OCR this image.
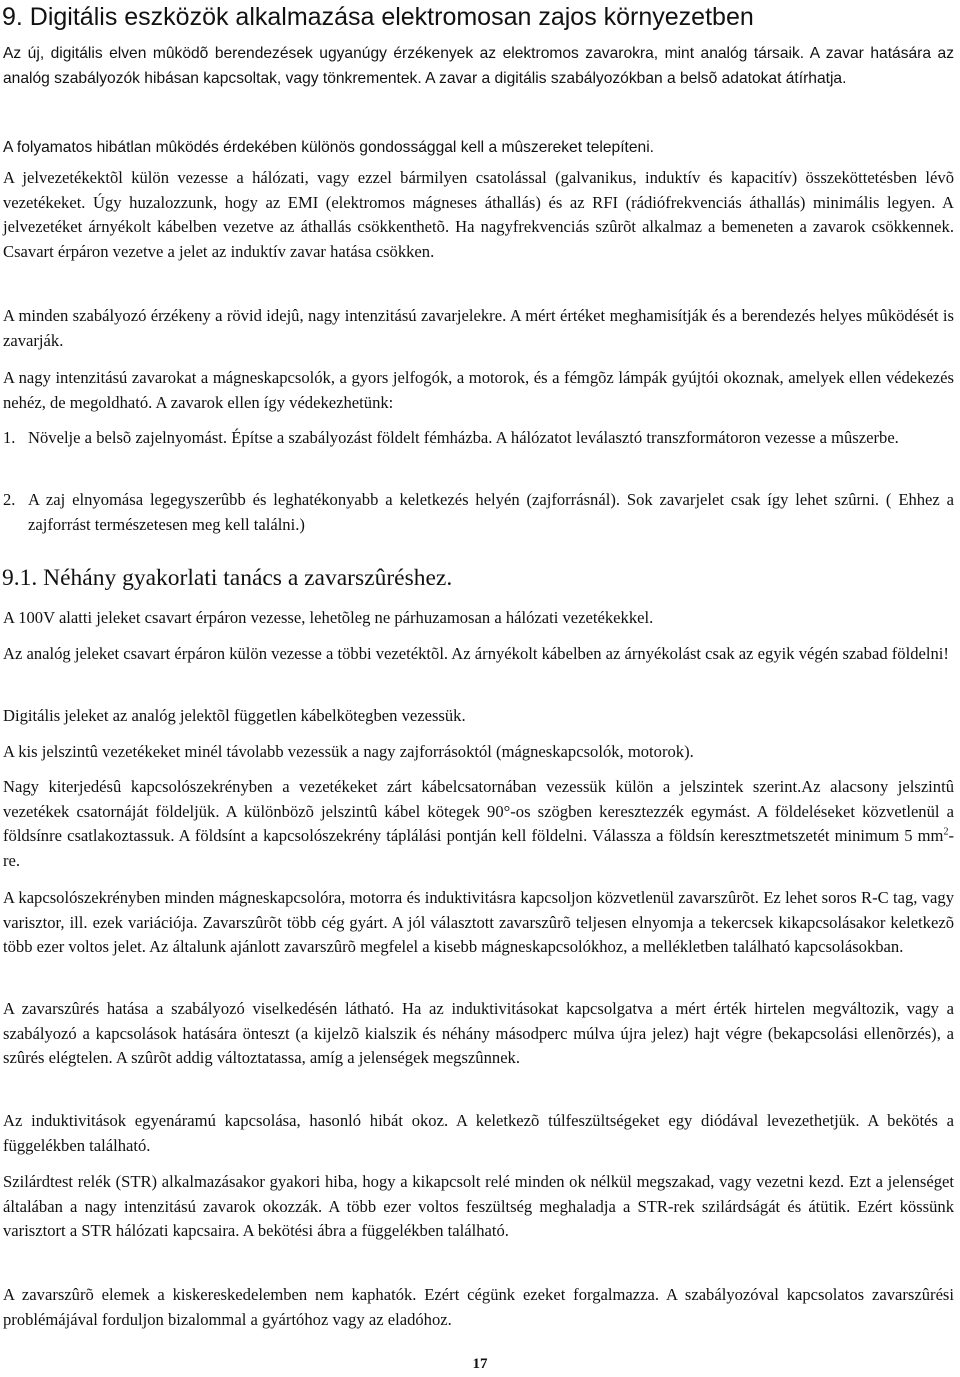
9. Digitális eszközök alkalmazása elektromosan zajos környezetben
Az új, digitális elven mûködõ berendezések ugyanúgy érzékenyek az elektromos zavarokra, mint analóg társaik. A zavar hatására az analóg szabályozók hibásan kapcsoltak, vagy tönkrementek. A zavar a digitális szabályozókban a belsõ adatokat átírhatja.
A folyamatos hibátlan mûködés érdekében különös gondossággal kell a mûszereket telepíteni.
A jelvezetékektõl külön vezesse a hálózati, vagy ezzel bármilyen csatolással (galvanikus, induktív és kapacitív) összeköttetésben lévõ vezetékeket. Úgy huzalozzunk, hogy az EMI (elektromos mágneses áthallás) és az RFI (rádiófrekvenciás áthallás) minimális legyen. A jelvezetéket árnyékolt kábelben vezetve az áthallás csökkenthetõ. Ha nagyfrekvenciás szûrõt alkalmaz a bemeneten a zavarok csökkennek. Csavart érpáron vezetve a jelet az induktív zavar hatása csökken.
A minden szabályozó érzékeny a rövid idejû, nagy intenzitású zavarjelekre. A mért értéket meghamisítják és a berendezés helyes mûködését is zavarják.
A nagy intenzitású zavarokat a mágneskapcsolók, a gyors jelfogók, a motorok, és a fémgõz lámpák gyújtói okoznak, amelyek ellen védekezés nehéz, de megoldható. A zavarok ellen így védekezhetünk:
1. Növelje a belsõ zajelnyomást. Építse a szabályozást földelt fémházba. A hálózatot leválasztó transzformátoron vezesse a mûszerbe.
2. A zaj elnyomása legegyszerûbb és leghatékonyabb a keletkezés helyén (zajforrásnál). Sok zavarjelet csak így lehet szûrni. ( Ehhez a zajforrást természetesen meg kell találni.)
9.1. Néhány gyakorlati tanács a zavarszûréshez.
A 100V alatti jeleket csavart érpáron vezesse, lehetõleg ne párhuzamosan a hálózati vezetékekkel.
Az analóg jeleket csavart érpáron külön vezesse a többi vezetéktõl. Az árnyékolt kábelben az árnyékolást csak az egyik végén szabad földelni!
Digitális jeleket az analóg jelektõl független kábelkötegben vezessük.
A kis jelszintû vezetékeket minél távolabb vezessük a nagy zajforrásoktól (mágneskapcsolók, motorok).
Nagy kiterjedésû kapcsolószekrényben a vezetékeket zárt kábelcsatornában vezessük külön a jelszintek szerint.Az alacsony jelszintû vezetékek csatornáját földeljük. A különbözõ jelszintû kábel kötegek 90°-os szögben keresztezzék egymást. A földeléseket közvetlenül a földsínre csatlakoztassuk. A földsínt a kapcsolószekrény táplálási pontján kell földelni. Válassza a földsín keresztmetszetét minimum 5 $mm^2-re$.
A kapcsolószekrényben minden mágneskapcsolóra, motorra és induktivitásra kapcsoljon közvetlenül zavarszûrõt. Ez lehet soros R-C tag, vagy varisztor, ill. ezek variációja. Zavarszûrõt több cég gyárt. A jól választott zavarszûrõ teljesen elnyomja a tekercsek kikapcsolásakor keletkezõ több ezer voltos jelet. Az általunk ajánlott zavarszûrõ megfelel a kisebb mágneskapcsolókhoz, a mellékletben található kapcsolásokban.
A zavarszûrés hatása a szabályozó viselkedésén látható. Ha az induktivitásokat kapcsolgatva a mért érték hirtelen megváltozik, vagy a szabályozó a kapcsolások hatására önteszt (a kijelzõ kialszik és néhány másodperc múlva újra jelez) hajt végre (bekapcsolási ellenõrzés), a szûrés elégtelen. A szûrõt addig változtatassa, amíg a jelenségek megszûnnek.
Az induktivitások egyenáramú kapcsolása, hasonló hibát okoz. A keletkezõ túlfeszültségeket egy diódával levezethetjük. A bekötés a függelékben található.
Szilárdtest relék (STR) alkalmazásakor gyakori hiba, hogy a kikapcsolt relé minden ok nélkül megszakad, vagy vezetni kezd. Ezt a jelenséget általában a nagy intenzitású zavarok okozzák. A több ezer voltos feszültség meghaladja a STR-rek szilárdságát és átütik. Ezért kössünk varisztort a STR hálózati kapcsaira. A bekötési ábra a függelékben található.
A zavarszûrõ elemek a kiskereskedelemben nem kaphatók. Ezért cégünk ezeket forgalmazza. A szabályozóval kapcsolatos zavarszûrési problémájával forduljon bizalommal a gyártóhoz vagy az eladóhoz.
17
